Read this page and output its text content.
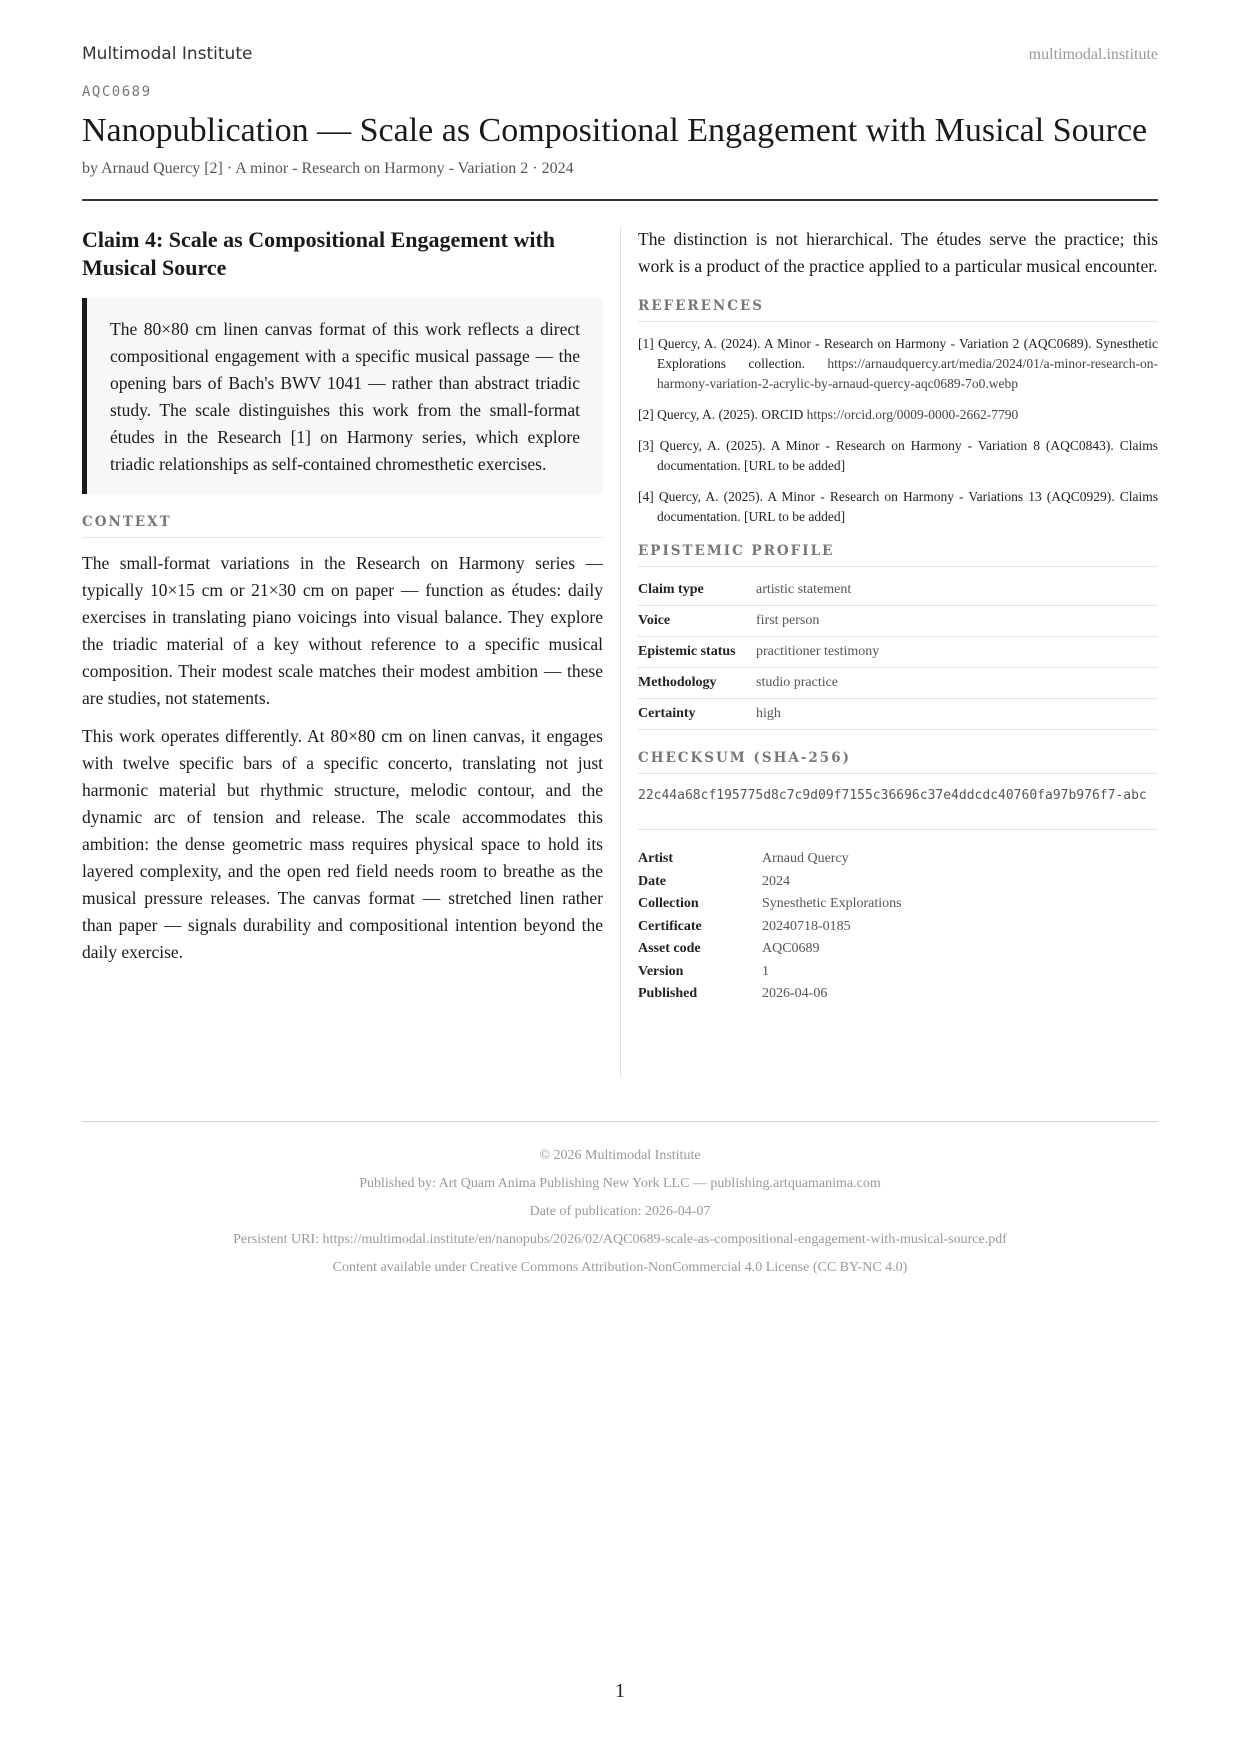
Multimodal Institute	multimodal.institute
AQC0689
Nanopublication — Scale as Compositional Engagement with Musical Source
by Arnaud Quercy [2] · A minor - Research on Harmony - Variation 2 · 2024
Claim 4: Scale as Compositional Engagement with Musical Source
The 80×80 cm linen canvas format of this work reflects a direct compositional engagement with a specific musical passage — the opening bars of Bach's BWV 1041 — rather than abstract triadic study. The scale distinguishes this work from the small-format études in the Research [1] on Harmony series, which explore triadic relationships as self-contained chromesthetic exercises.
CONTEXT

The small-format variations in the Research on Harmony series — typically 10×15 cm or 21×30 cm on paper — function as études: daily exercises in translating piano voicings into visual balance. They explore the triadic material of a key without reference to a specific musical composition. Their modest scale matches their modest ambition — these are studies, not statements.

This work operates differently. At 80×80 cm on linen canvas, it engages with twelve specific bars of a specific concerto, translating not just harmonic material but rhythmic structure, melodic contour, and the dynamic arc of tension and release. The scale accommodates this ambition: the dense geometric mass requires physical space to hold its layered complexity, and the open red field needs room to breathe as the musical pressure releases. The canvas format — stretched linen rather than paper — signals durability and compositional intention beyond the daily exercise.

The distinction is not hierarchical. The études serve the practice; this work is a product of the practice applied to a particular musical encounter.

REFERENCES
[1] Quercy, A. (2024). A Minor - Research on Harmony - Variation 2 (AQC0689). Synesthetic Explorations collection. https://arnaudquercy.art/media/2024/01/a-minor-research-on-harmony-variation-2-acrylic-by-arnaud-quercy-aqc0689-7o0.webp
[2] Quercy, A. (2025). ORCID https://orcid.org/0009-0000-2662-7790
[3] Quercy, A. (2025). A Minor - Research on Harmony - Variation 8 (AQC0843). Claims documentation. [URL to be added]
[4] Quercy, A. (2025). A Minor - Research on Harmony - Variations 13 (AQC0929). Claims documentation. [URL to be added]
EPISTEMIC PROFILE
Claim type	artistic statement
Voice	first person
Epistemic status	practitioner testimony
Methodology	studio practice
Certainty	high
CHECKSUM (SHA-256)
22c44a68cf195775d8c7c9d09f7155c36696c37e4ddcdc40760fa97b976f7-abc
Artist	Arnaud Quercy
Date	2024
Collection	Synesthetic Explorations
Certificate	20240718-0185
Asset code	AQC0689
Version	1
Published	2026-04-06
© 2026 Multimodal Institute
Published by: Art Quam Anima Publishing New York LLC — publishing.artquamanima.com
Date of publication: 2026-04-07
Persistent URI: https://multimodal.institute/en/nanopubs/2026/02/AQC0689-scale-as-compositional-engagement-with-musical-source.pdf
Content available under Creative Commons Attribution-NonCommercial 4.0 License (CC BY-NC 4.0)
1
